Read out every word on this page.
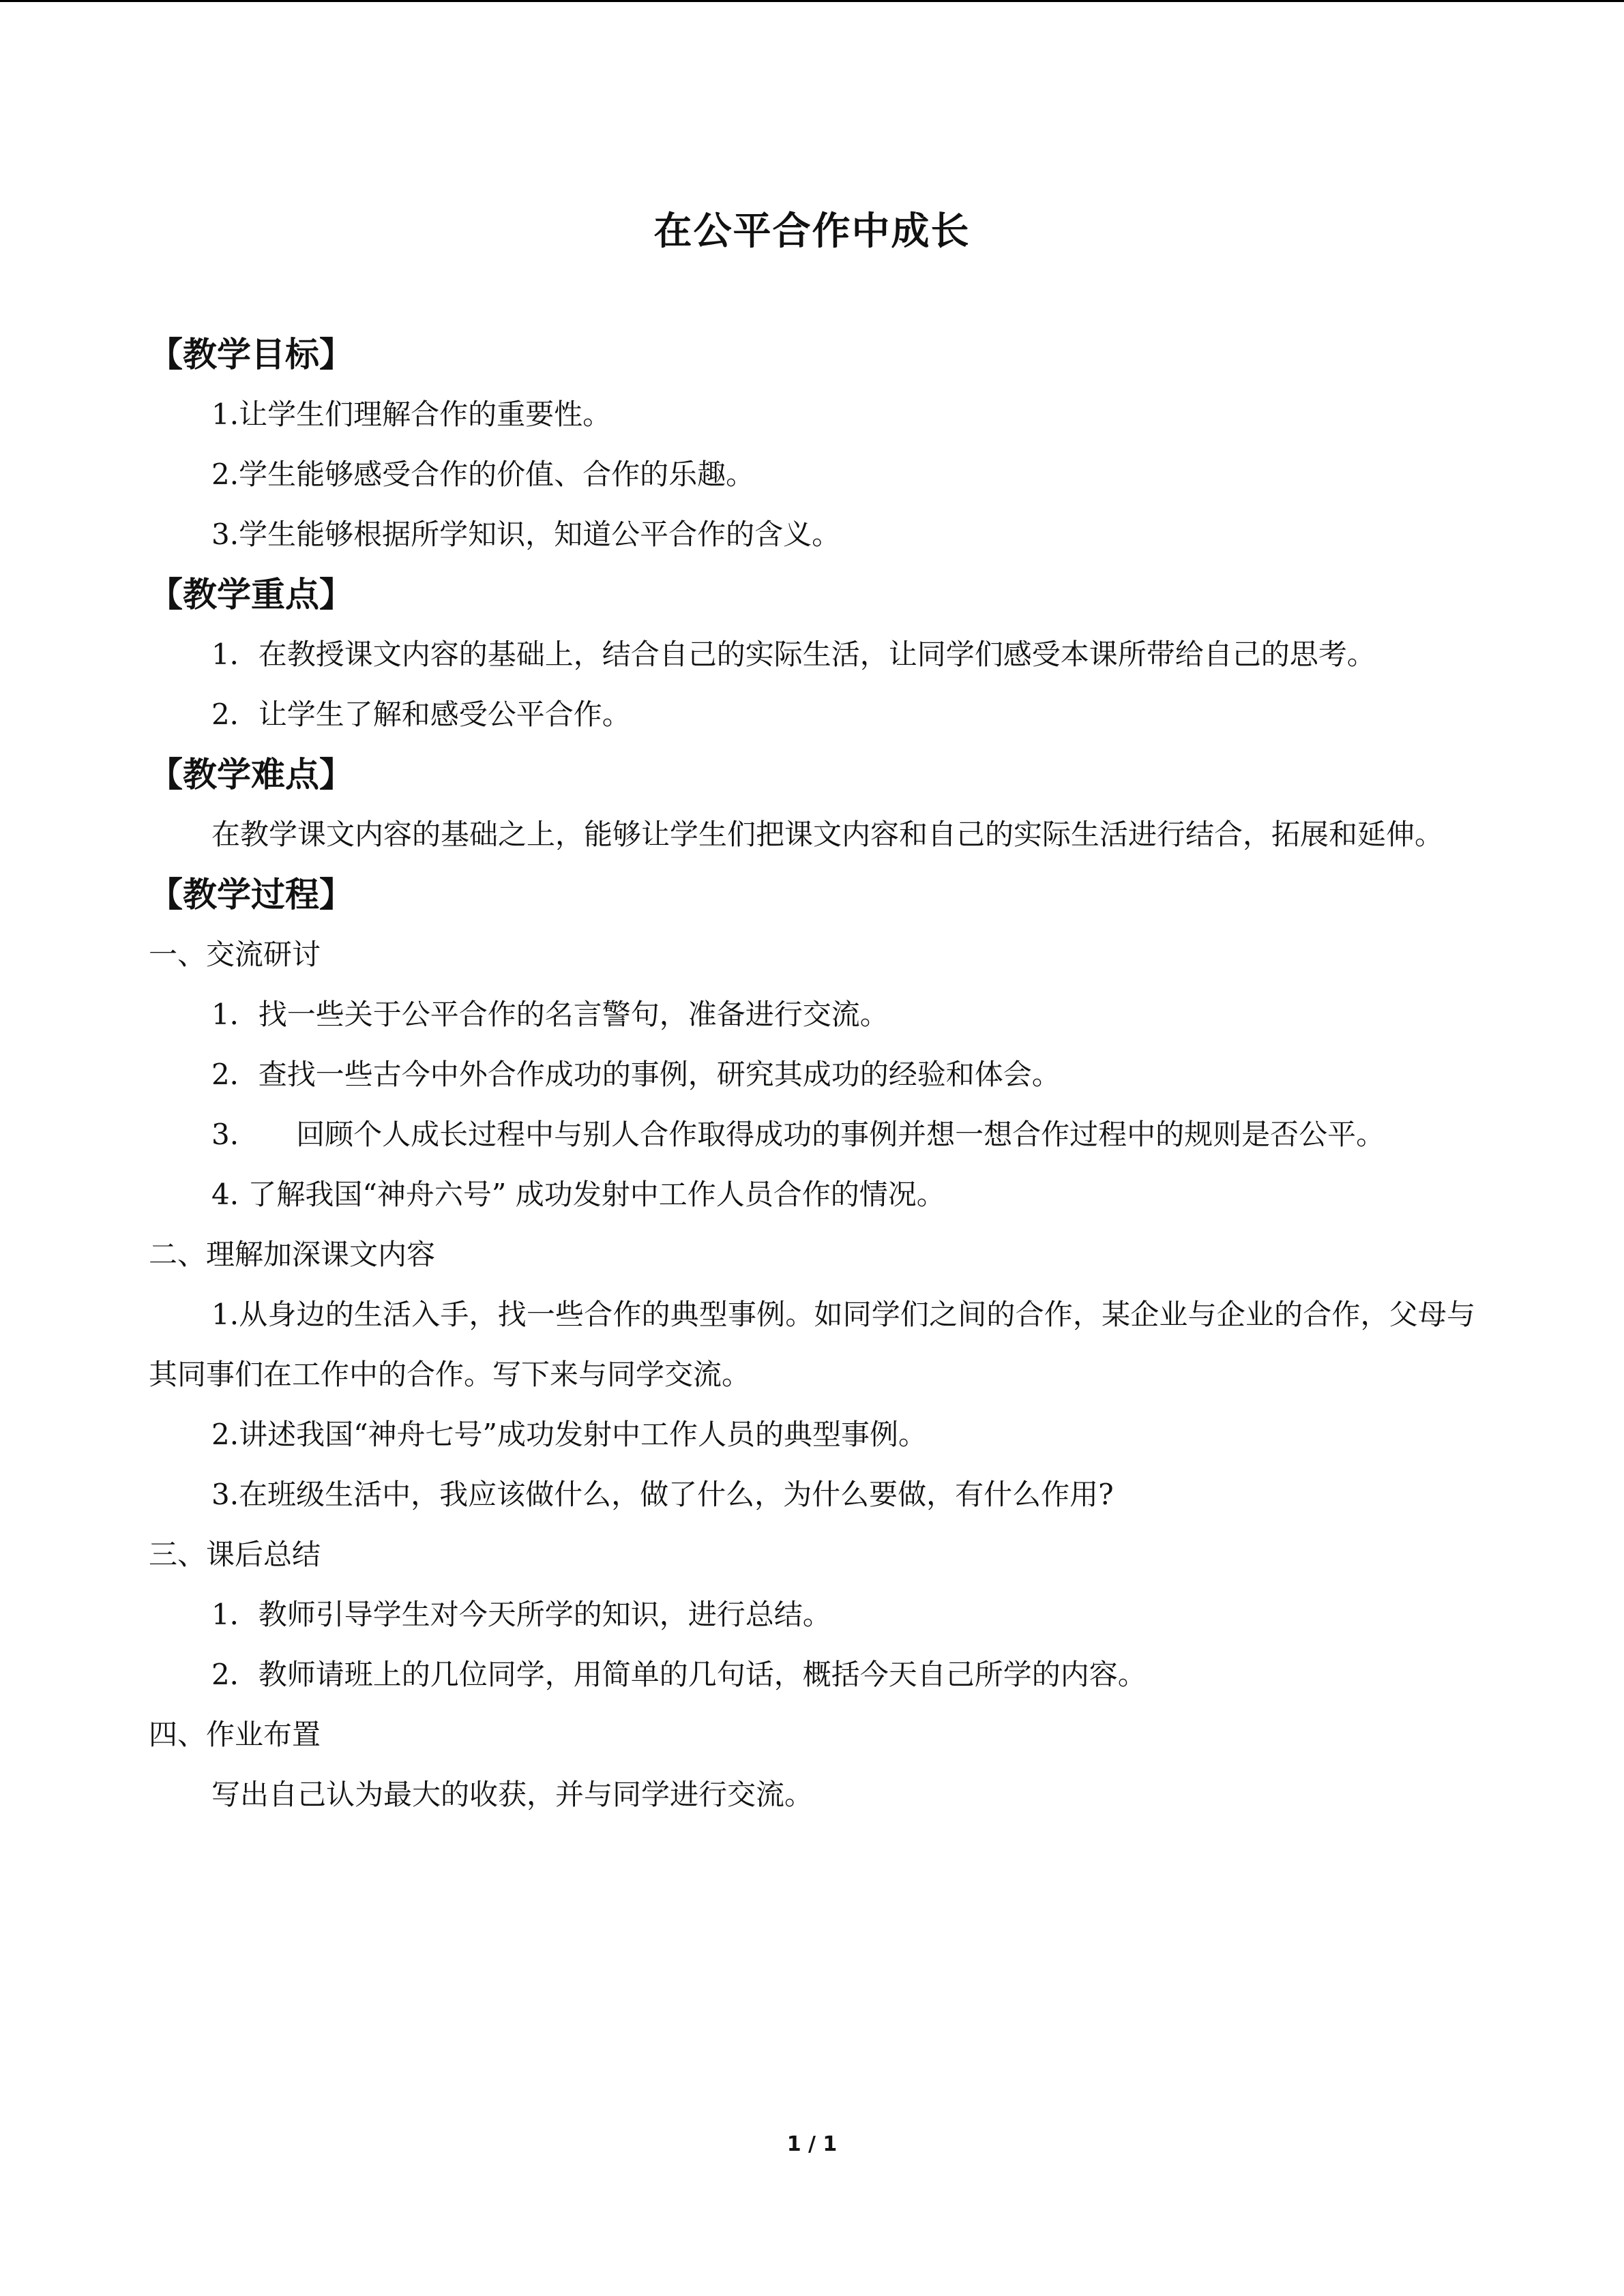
在公平合作中成长

【教学目标】

1.让学生们理解合作的重要性。

2.学生能够感受合作的价值、合作的乐趣。

3.学生能够根据所学知识，知道公平合作的含义。

【教学重点】

1．在教授课文内容的基础上，结合自己的实际生活，让同学们感受本课所带给自己的思考。

2．让学生了解和感受公平合作。

【教学难点】

在教学课文内容的基础之上，能够让学生们把课文内容和自己的实际生活进行结合，拓展和延伸。

【教学过程】

一、交流研讨

1．找一些关于公平合作的名言警句，准备进行交流。

2．查找一些古今中外合作成功的事例，研究其成功的经验和体会。

3.　　回顾个人成长过程中与别人合作取得成功的事例并想一想合作过程中的规则是否公平。

4. 了解我国“神舟六号” 成功发射中工作人员合作的情况。

二、理解加深课文内容

1.从身边的生活入手，找一些合作的典型事例。如同学们之间的合作，某企业与企业的合作，父母与其同事们在工作中的合作。写下来与同学交流。

2.讲述我国“神舟七号”成功发射中工作人员的典型事例。

3.在班级生活中，我应该做什么，做了什么，为什么要做，有什么作用?

三、课后总结

1．教师引导学生对今天所学的知识，进行总结。

2．教师请班上的几位同学，用简单的几句话，概括今天自己所学的内容。

四、作业布置

写出自己认为最大的收获，并与同学进行交流。

1 / 1
